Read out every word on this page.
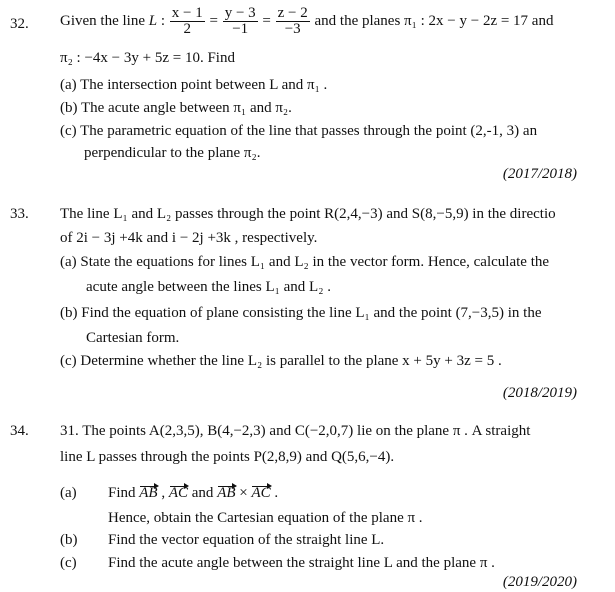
32. Given the line L : $\frac{x - 1}{2} = \frac{y - 3}{-1} = \frac{z - 2}{-3}$ and the planes π₁ : 2x − y − 2z = 17 and
π₂ : −4x − 3y + 5z = 10. Find
(a) The intersection point between L and π₁ .
(b) The acute angle between π₁ and π₂.
(c) The parametric equation of the line that passes through the point (2,-1, 3) an
perpendicular to the plane π₂.
(2017/2018)
33. The line L₁ and L₂ passes through the point R(2,4,−3) and S(8,−5,9) in the directio
of 2i − 3j +4k and i − 2j +3k , respectively.
(a) State the equations for lines L₁ and L₂ in the vector form. Hence, calculate the
acute angle between the lines L₁ and L₂ .
(b) Find the equation of plane consisting the line L₁ and the point (7,−3,5) in the
Cartesian form.
(c) Determine whether the line L₂ is parallel to the plane x + 5y + 3z = 5 .
(2018/2019)
34. 31. The points A(2,3,5), B(4,−2,3) and C(−2,0,7) lie on the plane π . A straight
line L passes through the points P(2,8,9) and Q(5,6,−4).
(a) Find AB , AC and AB × AC .
Hence, obtain the Cartesian equation of the plane π .
(b) Find the vector equation of the straight line L.
(c) Find the acute angle between the straight line L and the plane π .
(2019/2020)
